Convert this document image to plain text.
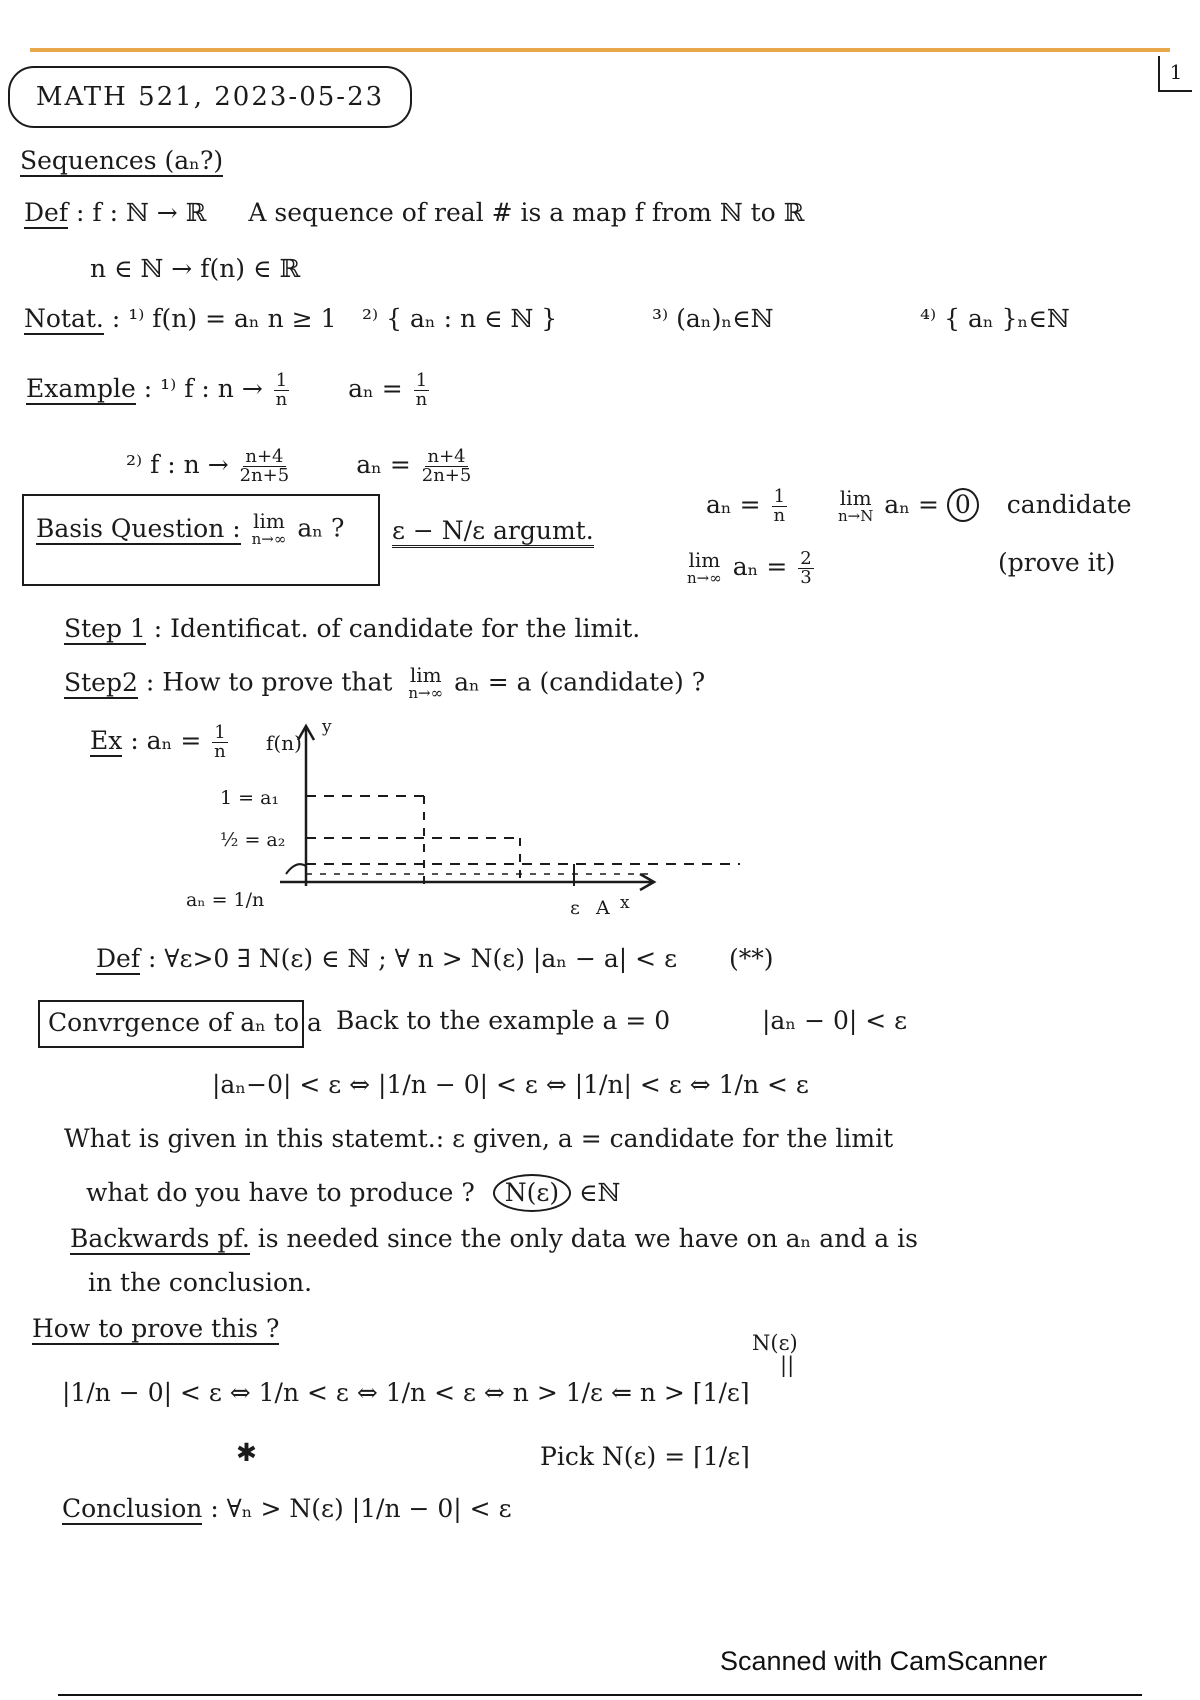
MATH 521, 2023-05-23
1
Sequences (aₙ?)
Def : f : ℕ → ℝ A sequence of real # is a map f from ℕ to ℝ
n ∈ ℕ → f(n) ∈ ℝ
Notat. : ¹⁾ f(n) = aₙ n ≥ 1 ²⁾ { aₙ : n ∈ ℕ }	³⁾ (aₙ)ₙ∈ℕ	⁴⁾ { aₙ }ₙ∈ℕ
Example : ¹⁾ f : $n \to \frac{1}{n}$ $a_n = \frac{1}{n}$
²⁾ f : $n \to \frac{n+4}{2n+5}$	$a_n = \frac{n+4}{2n+5}$
Basis Question : lim
n→∞ aₙ ? ε − N/ε argumt.
$a_n = \frac{1}{n}$
	lim
n→N aₙ = 0 candidate
lim
n→∞ $a_n = \frac{2}{3}$	(prove it)
Step 1 : Identificat. of candidate for the limit.
Step2 : How to prove that lim
n→∞ aₙ = a (candidate) ?
Ex : $a_n = \frac{1}{n} f(n)$
y
1 = a₁
½ = a₂
aₙ = 1/n	ε A x
Def : ∀ε>0 ∃ N(ε) ∈ ℕ ; ∀ n > N(ε) |aₙ − a| < ε (**)
Convrgence of aₙ to a Back to the example a = 0	|aₙ − 0| < ε
|aₙ−0| < ε ⇔ |1/n − 0| < ε ⇔ |1/n| < ε ⇔ 1/n < ε
What is given in this statemt.: ε given, a = candidate for the limit
what do you have to produce ? N(ε) ∈ℕ
Backwards pf. is needed since the only data we have on aₙ and a is
in the conclusion.
How to prove this ?	N(ε)
||
|1/n − 0| < ε ⇔ 1/n < ε ⇔ 1/n < ε ⇔ n > 1/ε ⇐ n > ⌈1/ε⌉
✱	Pick N(ε) = ⌈1/ε⌉
Conclusion : ∀ₙ > N(ε) |1/n − 0| < ε
Scanned with CamScanner
